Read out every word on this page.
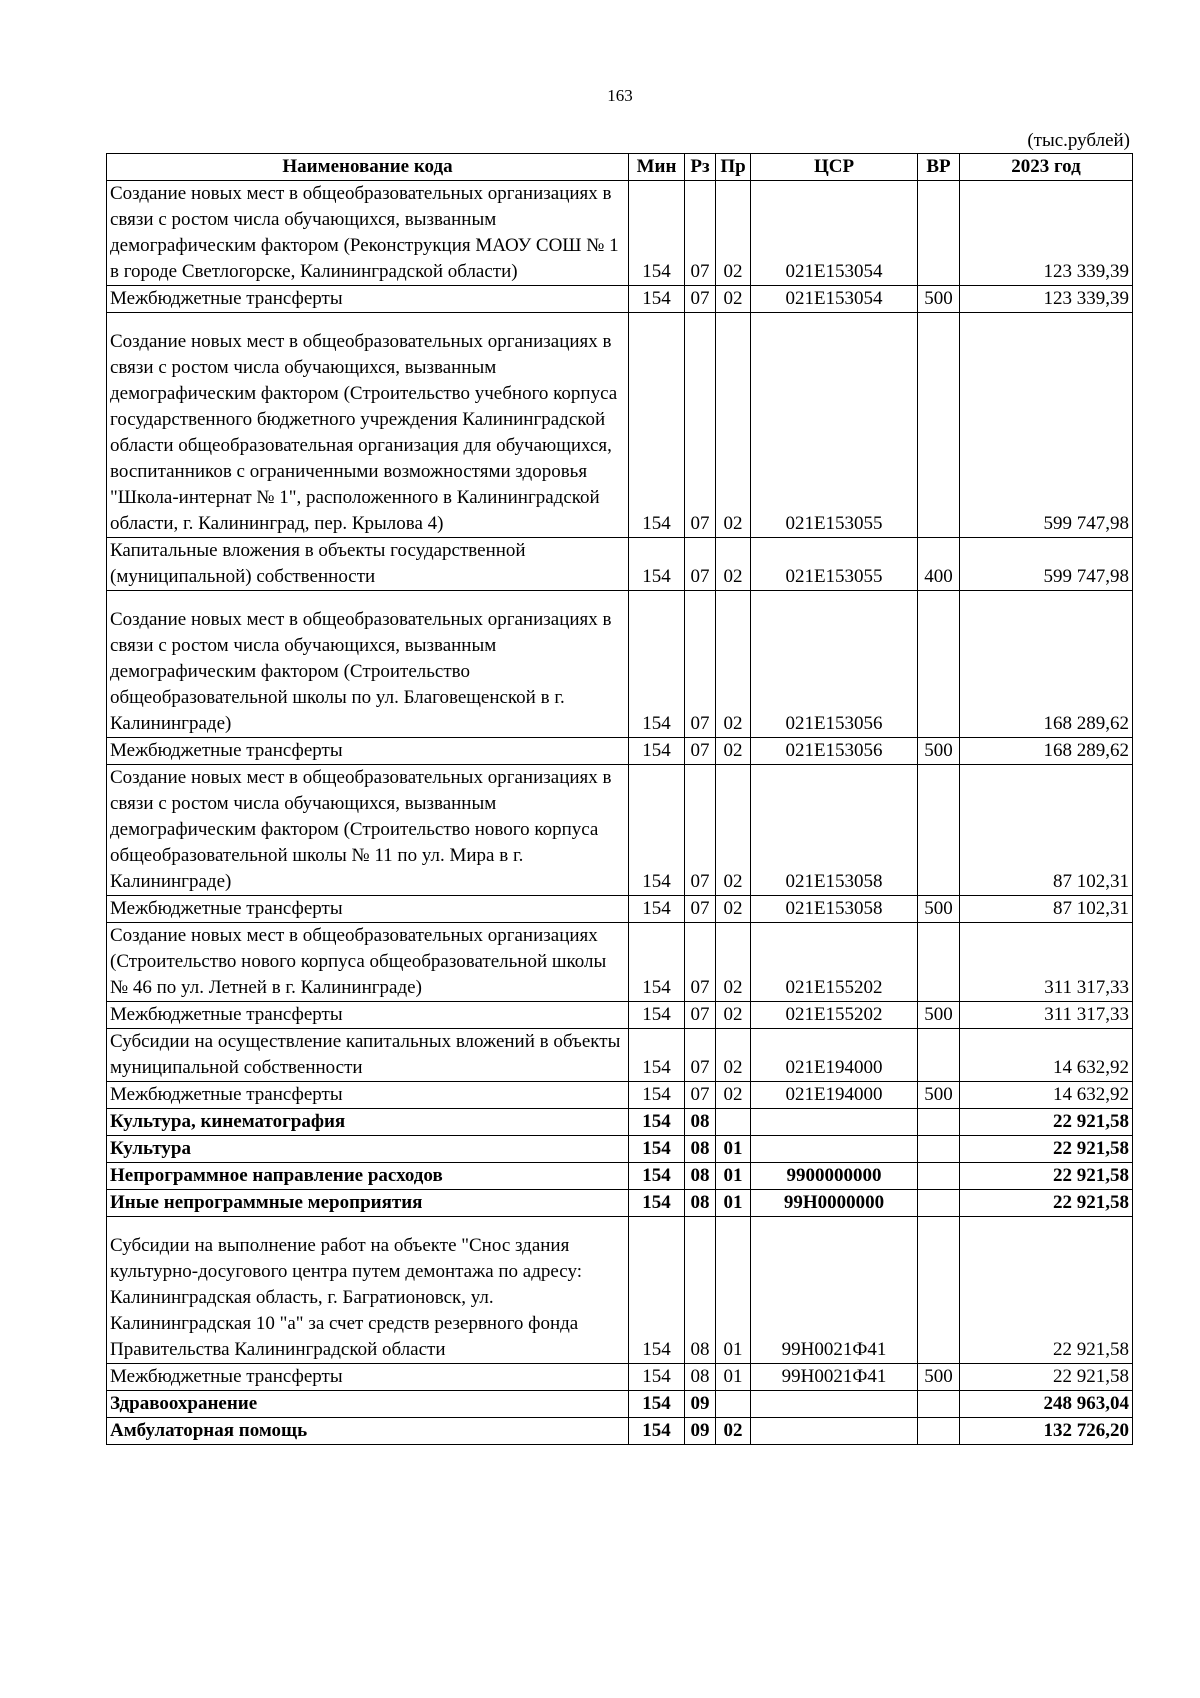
163
(тыс.рублей)
Наименование кода	Мин	Рз	Пр	ЦСР	ВР	2023 год
Создание новых мест в общеобразовательных организациях в связи с ростом числа обучающихся, вызванным демографическим фактором (Реконструкция МАОУ СОШ № 1 в городе Светлогорске, Калининградской области)	154	07	02	021E153054		123 339,39
Межбюджетные трансферты	154	07	02	021E153054	500	123 339,39

Создание новых мест в общеобразовательных организациях в связи с ростом числа обучающихся, вызванным демографическим фактором (Строительство учебного корпуса государственного бюджетного учреждения Калининградской области общеобразовательная организация для обучающихся, воспитанников с ограниченными возможностями здоровья "Школа-интернат № 1", расположенного в Калининградской области, г. Калининград, пер. Крылова 4)	154	07	02	021E153055		599 747,98
Капитальные вложения в объекты государственной (муниципальной) собственности	154	07	02	021E153055	400	599 747,98

Создание новых мест в общеобразовательных организациях в связи с ростом числа обучающихся, вызванным демографическим фактором (Строительство общеобразовательной школы по ул. Благовещенской в г. Калининграде)	154	07	02	021E153056		168 289,62
Межбюджетные трансферты	154	07	02	021E153056	500	168 289,62
Создание новых мест в общеобразовательных организациях в связи с ростом числа обучающихся, вызванным демографическим фактором (Строительство нового корпуса общеобразовательной школы № 11 по ул. Мира в г. Калининграде)	154	07	02	021E153058		87 102,31
Межбюджетные трансферты	154	07	02	021E153058	500	87 102,31
Создание новых мест в общеобразовательных организациях (Строительство нового корпуса общеобразовательной школы № 46 по ул. Летней в г. Калининграде)	154	07	02	021E155202		311 317,33
Межбюджетные трансферты	154	07	02	021E155202	500	311 317,33
Субсидии на осуществление капитальных вложений в объекты муниципальной собственности	154	07	02	021E194000		14 632,92
Межбюджетные трансферты	154	07	02	021E194000	500	14 632,92
Культура, кинематография	154	08				22 921,58
Культура	154	08	01			22 921,58
Непрограммное направление расходов	154	08	01	9900000000		22 921,58
Иные непрограммные мероприятия	154	08	01	99Н0000000		22 921,58

Субсидии на выполнение работ на объекте "Снос здания культурно-досугового центра путем демонтажа по адресу: Калининградская область, г. Багратионовск, ул. Калининградская 10 "а" за счет средств резервного фонда Правительства Калининградской области	154	08	01	99Н0021Ф41		22 921,58
Межбюджетные трансферты	154	08	01	99Н0021Ф41	500	22 921,58
Здравоохранение	154	09				248 963,04
Амбулаторная помощь	154	09	02			132 726,20
